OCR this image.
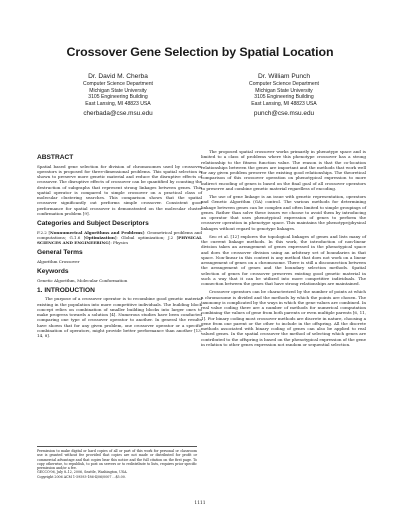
Crossover Gene Selection by Spatial Location
Dr. David M. Cherba
Computer Science Department
Michigan State University
3105 Engineering Building
East Lansing, MI 48823 USA
cherbada@cse.msu.edu
Dr. William Punch
Computer Science Department
Michigan State University
3105 Engineering Building
East Lansing, MI 48823 USA
punch@cse.msu.edu
ABSTRACT
Spatial based gene selection for division of chromosomes used by crossover operators is proposed for three-dimensional problems. This spatial selection is shown to preserve more genetic material and reduce the disruptive effects of crossover. The disruptive effects of crossover can be quantified by counting the destruction of subgraphs that represent strong linkages between genes. This spatial operator is compared to simple crossover on a practical class of molecular clustering searches. This comparison shows that the spatial crossover significantly out performs simple crossover. Consistent good performance for spatial crossover is demonstrated on the molecular cluster confirmation problem [9].
Categories and Subject Descriptors
F.2.2 [Nonnumerical Algorithms and Problems]: Geometrical problems and computations; G.1.6 [Optimization]: Global optimization; J.2 [PHYSICAL SCIENCES AND ENGINEERING]: Physics
General Terms
Algorithm Crossover
Keywords
Genetic Algorithm, Molecular Conformation
1. INTRODUCTION
The purpose of a crossover operator is to recombine good genetic material existing in the population into more competitive individuals. The building block concept relies on combination of smaller building blocks into larger ones to make progress towards a solution [4]. Numerous studies have been conducted comparing one type of crossover operator to another. In general the results have shown that for any given problem, one crossover operator or a specific combination of operators, might provide better performance than another [13, 14, 8].
Permission to make digital or hard copies of all or part of this work for personal or classroom use is granted without fee provided that copies are not made or distributed for profit or commercial advantage and that copies bear this notice and the full citation on the first page. To copy otherwise, to republish, to post on servers or to redistribute to lists, requires prior specific permission and/or a fee.
GECCO'06, July 8–12, 2006, Seattle, Washington, USA.
Copyright 2006 ACM 1-59593-186-4/06/0007 ...$5.00.
The proposed spatial crossover works primarily in phenotype space and is limited to a class of problems where this phenotype crossover has a strong relationship to the fitness function value. The reason is that the co-location relationships between the genes are important and the methods that work well for any given problem preserve the existing good relationships. The theoretical comparison of this crossover operation on phenotypical expression to more indirect encoding of genes is based on the final goal of all crossover operators to preserve and combine genetic material regardless of encoding.
The use of gene linkage is an issue with genetic representation, operators and Genetic Algorithm (GA) control. The various methods for determining linkage between genes can be complex and often limited to simple groupings of genes. Rather than solve these issues we choose to avoid them by introducing an operator that uses phenotypical expression of genes to perform the crossover operation in phenotype space. This maintains the phenotype/physical linkages without regard to genotype linkages.
Seo et al. [12] explores the topological linkages of genes and lists many of the current linkage methods. In this work, the introduction of non-linear division takes an arrangement of genes expressed in the phenotypical space and does the crossover division using an arbitrary set of boundaries in that space. Non-linear in this context is any method that does not work on a linear arrangement of genes on a chromosome. There is still a disconnection between the arrangement of genes and the boundary selection methods. Spatial selection of genes for crossover preserves existing good genetic material in such a way that it can be utilized into more competitive individuals. The connection between the genes that have strong relationships are maintained.
Crossover operators can be characterized by the number of points at which a chromosome is divided and the methods by which the points are chosen. The taxonomy is complicated by the ways in which the gene values are combined. In real value coding there are a number of methods for numerical computation combining the values of gene from both parents or even multiple parents [6, 11, 1]. For binary coding most crossover methods are discrete in nature, choosing a gene from one parent or the other to include in the offspring. All the discrete methods associated with binary coding of genes can also be applied to real valued genes. In the spatial crossover the method of selecting which genes are contributed to the offspring is based on the phenotypical expression of the gene in relation to other genes expression not random or sequential selection.
1111
